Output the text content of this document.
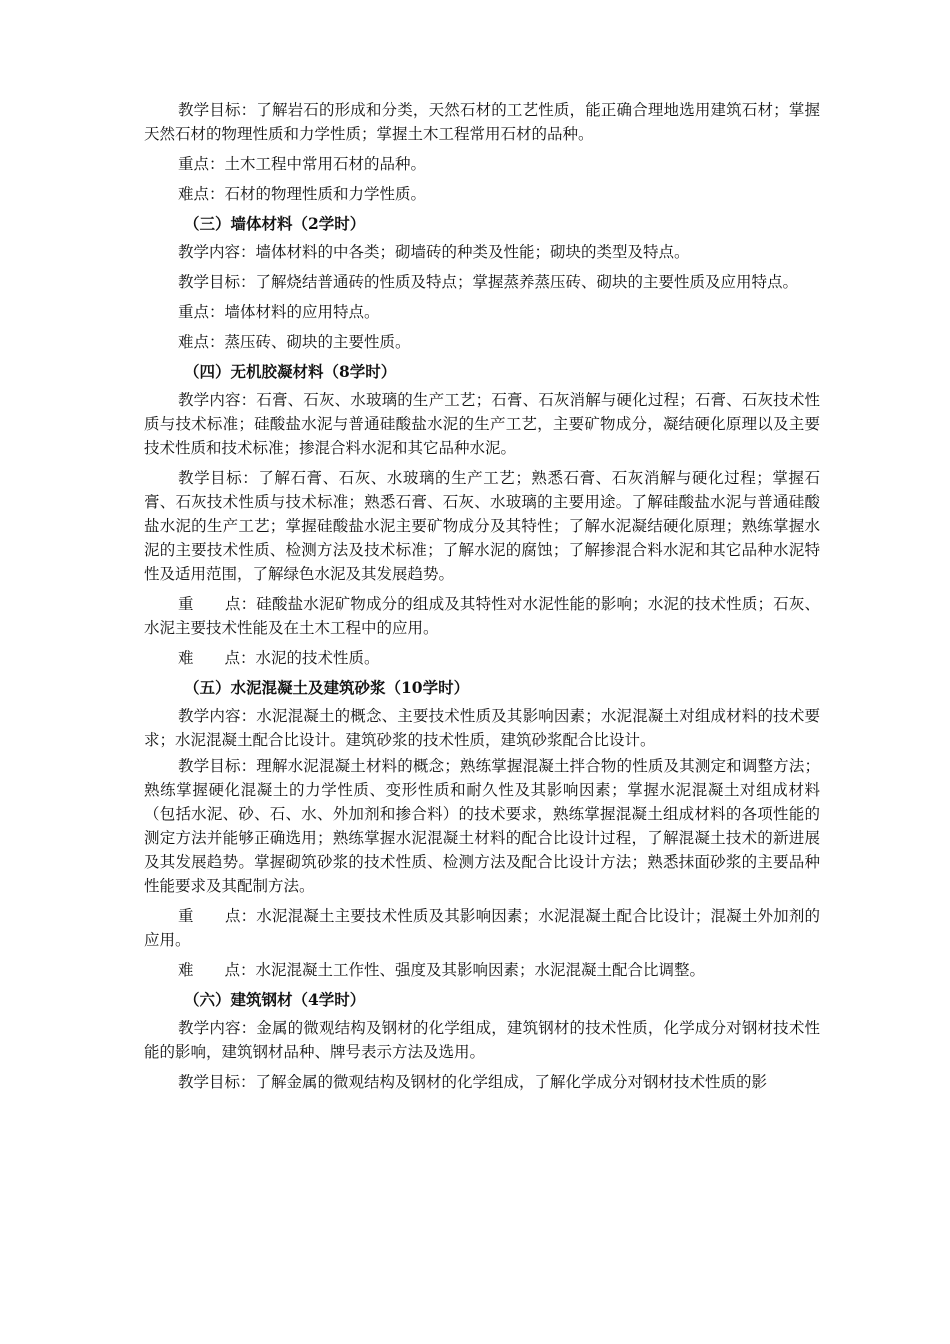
教学目标：了解岩石的形成和分类，天然石材的工艺性质，能正确合理地选用建筑石材；掌握天然石材的物理性质和力学性质；掌握土木工程常用石材的品种。

重点：土木工程中常用石材的品种。

难点：石材的物理性质和力学性质。

（三）墙体材料（2学时）

教学内容：墙体材料的中各类；砌墙砖的种类及性能；砌块的类型及特点。

教学目标：了解烧结普通砖的性质及特点；掌握蒸养蒸压砖、砌块的主要性质及应用特点。

重点：墙体材料的应用特点。

难点：蒸压砖、砌块的主要性质。

（四）无机胶凝材料（8学时）

教学内容：石膏、石灰、水玻璃的生产工艺；石膏、石灰消解与硬化过程；石膏、石灰技术性质与技术标准；硅酸盐水泥与普通硅酸盐水泥的生产工艺，主要矿物成分，凝结硬化原理以及主要技术性质和技术标准；掺混合料水泥和其它品种水泥。

教学目标：了解石膏、石灰、水玻璃的生产工艺；熟悉石膏、石灰消解与硬化过程；掌握石膏、石灰技术性质与技术标准；熟悉石膏、石灰、水玻璃的主要用途。了解硅酸盐水泥与普通硅酸盐水泥的生产工艺；掌握硅酸盐水泥主要矿物成分及其特性；了解水泥凝结硬化原理；熟练掌握水泥的主要技术性质、检测方法及技术标准；了解水泥的腐蚀；了解掺混合料水泥和其它品种水泥特性及适用范围，了解绿色水泥及其发展趋势。

重　　点：硅酸盐水泥矿物成分的组成及其特性对水泥性能的影响；水泥的技术性质；石灰、水泥主要技术性能及在土木工程中的应用。

难　　点：水泥的技术性质。

（五）水泥混凝土及建筑砂浆（10学时）

教学内容：水泥混凝土的概念、主要技术性质及其影响因素；水泥混凝土对组成材料的技术要求；水泥混凝土配合比设计。建筑砂浆的技术性质，建筑砂浆配合比设计。

教学目标：理解水泥混凝土材料的概念；熟练掌握混凝土拌合物的性质及其测定和调整方法；熟练掌握硬化混凝土的力学性质、变形性质和耐久性及其影响因素；掌握水泥混凝土对组成材料（包括水泥、砂、石、水、外加剂和掺合料）的技术要求，熟练掌握混凝土组成材料的各项性能的测定方法并能够正确选用；熟练掌握水泥混凝土材料的配合比设计过程，了解混凝土技术的新进展及其发展趋势。掌握砌筑砂浆的技术性质、检测方法及配合比设计方法；熟悉抹面砂浆的主要品种性能要求及其配制方法。

重　　点：水泥混凝土主要技术性质及其影响因素；水泥混凝土配合比设计；混凝土外加剂的应用。

难　　点：水泥混凝土工作性、强度及其影响因素；水泥混凝土配合比调整。

（六）建筑钢材（4学时）

教学内容：金属的微观结构及钢材的化学组成，建筑钢材的技术性质，化学成分对钢材技术性能的影响，建筑钢材品种、牌号表示方法及选用。

教学目标：了解金属的微观结构及钢材的化学组成，了解化学成分对钢材技术性质的影
